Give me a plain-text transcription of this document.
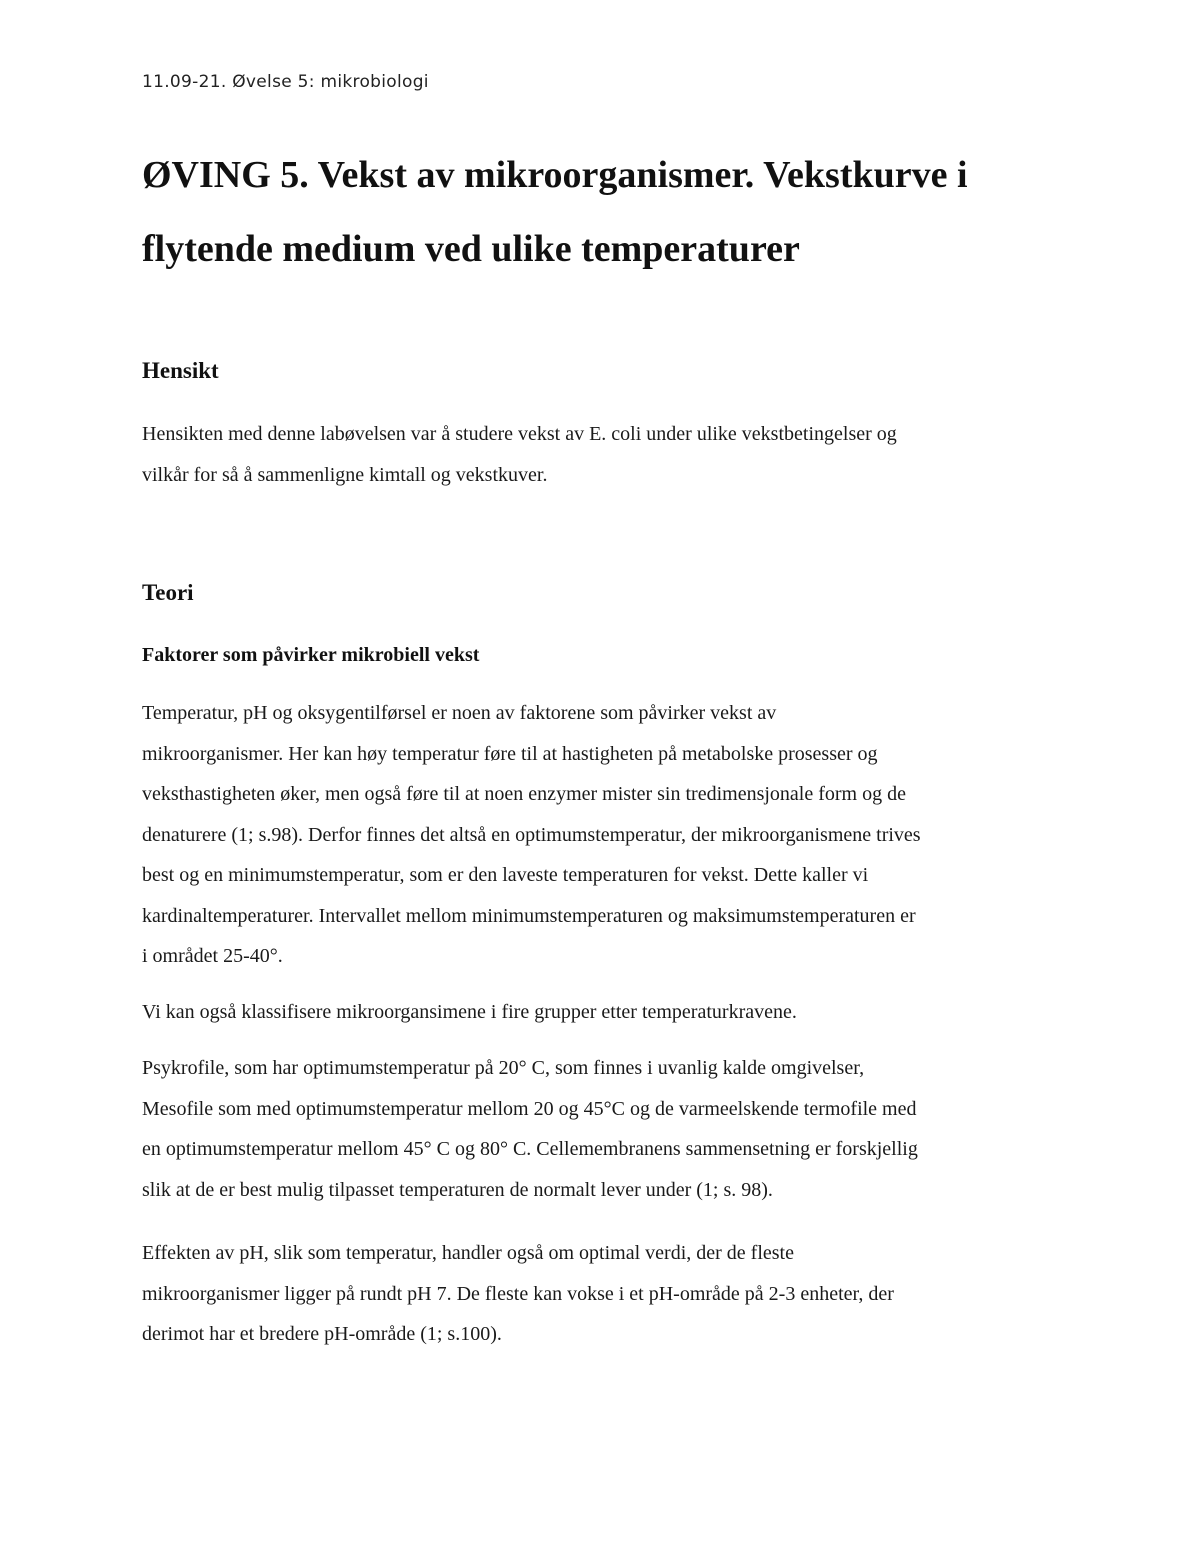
11.09-21. Øvelse 5: mikrobiologi
ØVING 5. Vekst av mikroorganismer. Vekstkurve i
flytende medium ved ulike temperaturer
Hensikt

Hensikten med denne labøvelsen var å studere vekst av E. coli under ulike vekstbetingelser og
vilkår for så å sammenligne kimtall og vekstkuver.

Teori
Faktorer som påvirker mikrobiell vekst

Temperatur, pH og oksygentilførsel er noen av faktorene som påvirker vekst av
mikroorganismer. Her kan høy temperatur føre til at hastigheten på metabolske prosesser og
veksthastigheten øker, men også føre til at noen enzymer mister sin tredimensjonale form og de
denaturere (1; s.98). Derfor finnes det altså en optimumstemperatur, der mikroorganismene trives
best og en minimumstemperatur, som er den laveste temperaturen for vekst. Dette kaller vi
kardinaltemperaturer. Intervallet mellom minimumstemperaturen og maksimumstemperaturen er
i området 25-40°.

Vi kan også klassifisere mikroorgansimene i fire grupper etter temperaturkravene.

Psykrofile, som har optimumstemperatur på 20° C, som finnes i uvanlig kalde omgivelser,
Mesofile som med optimumstemperatur mellom 20 og 45°C og de varmeelskende termofile med
en optimumstemperatur mellom 45° C og 80° C. Cellemembranens sammensetning er forskjellig
slik at de er best mulig tilpasset temperaturen de normalt lever under (1; s. 98).

Effekten av pH, slik som temperatur, handler også om optimal verdi, der de fleste
mikroorganismer ligger på rundt pH 7. De fleste kan vokse i et pH-område på 2-3 enheter, der
derimot har et bredere pH-område (1; s.100).
